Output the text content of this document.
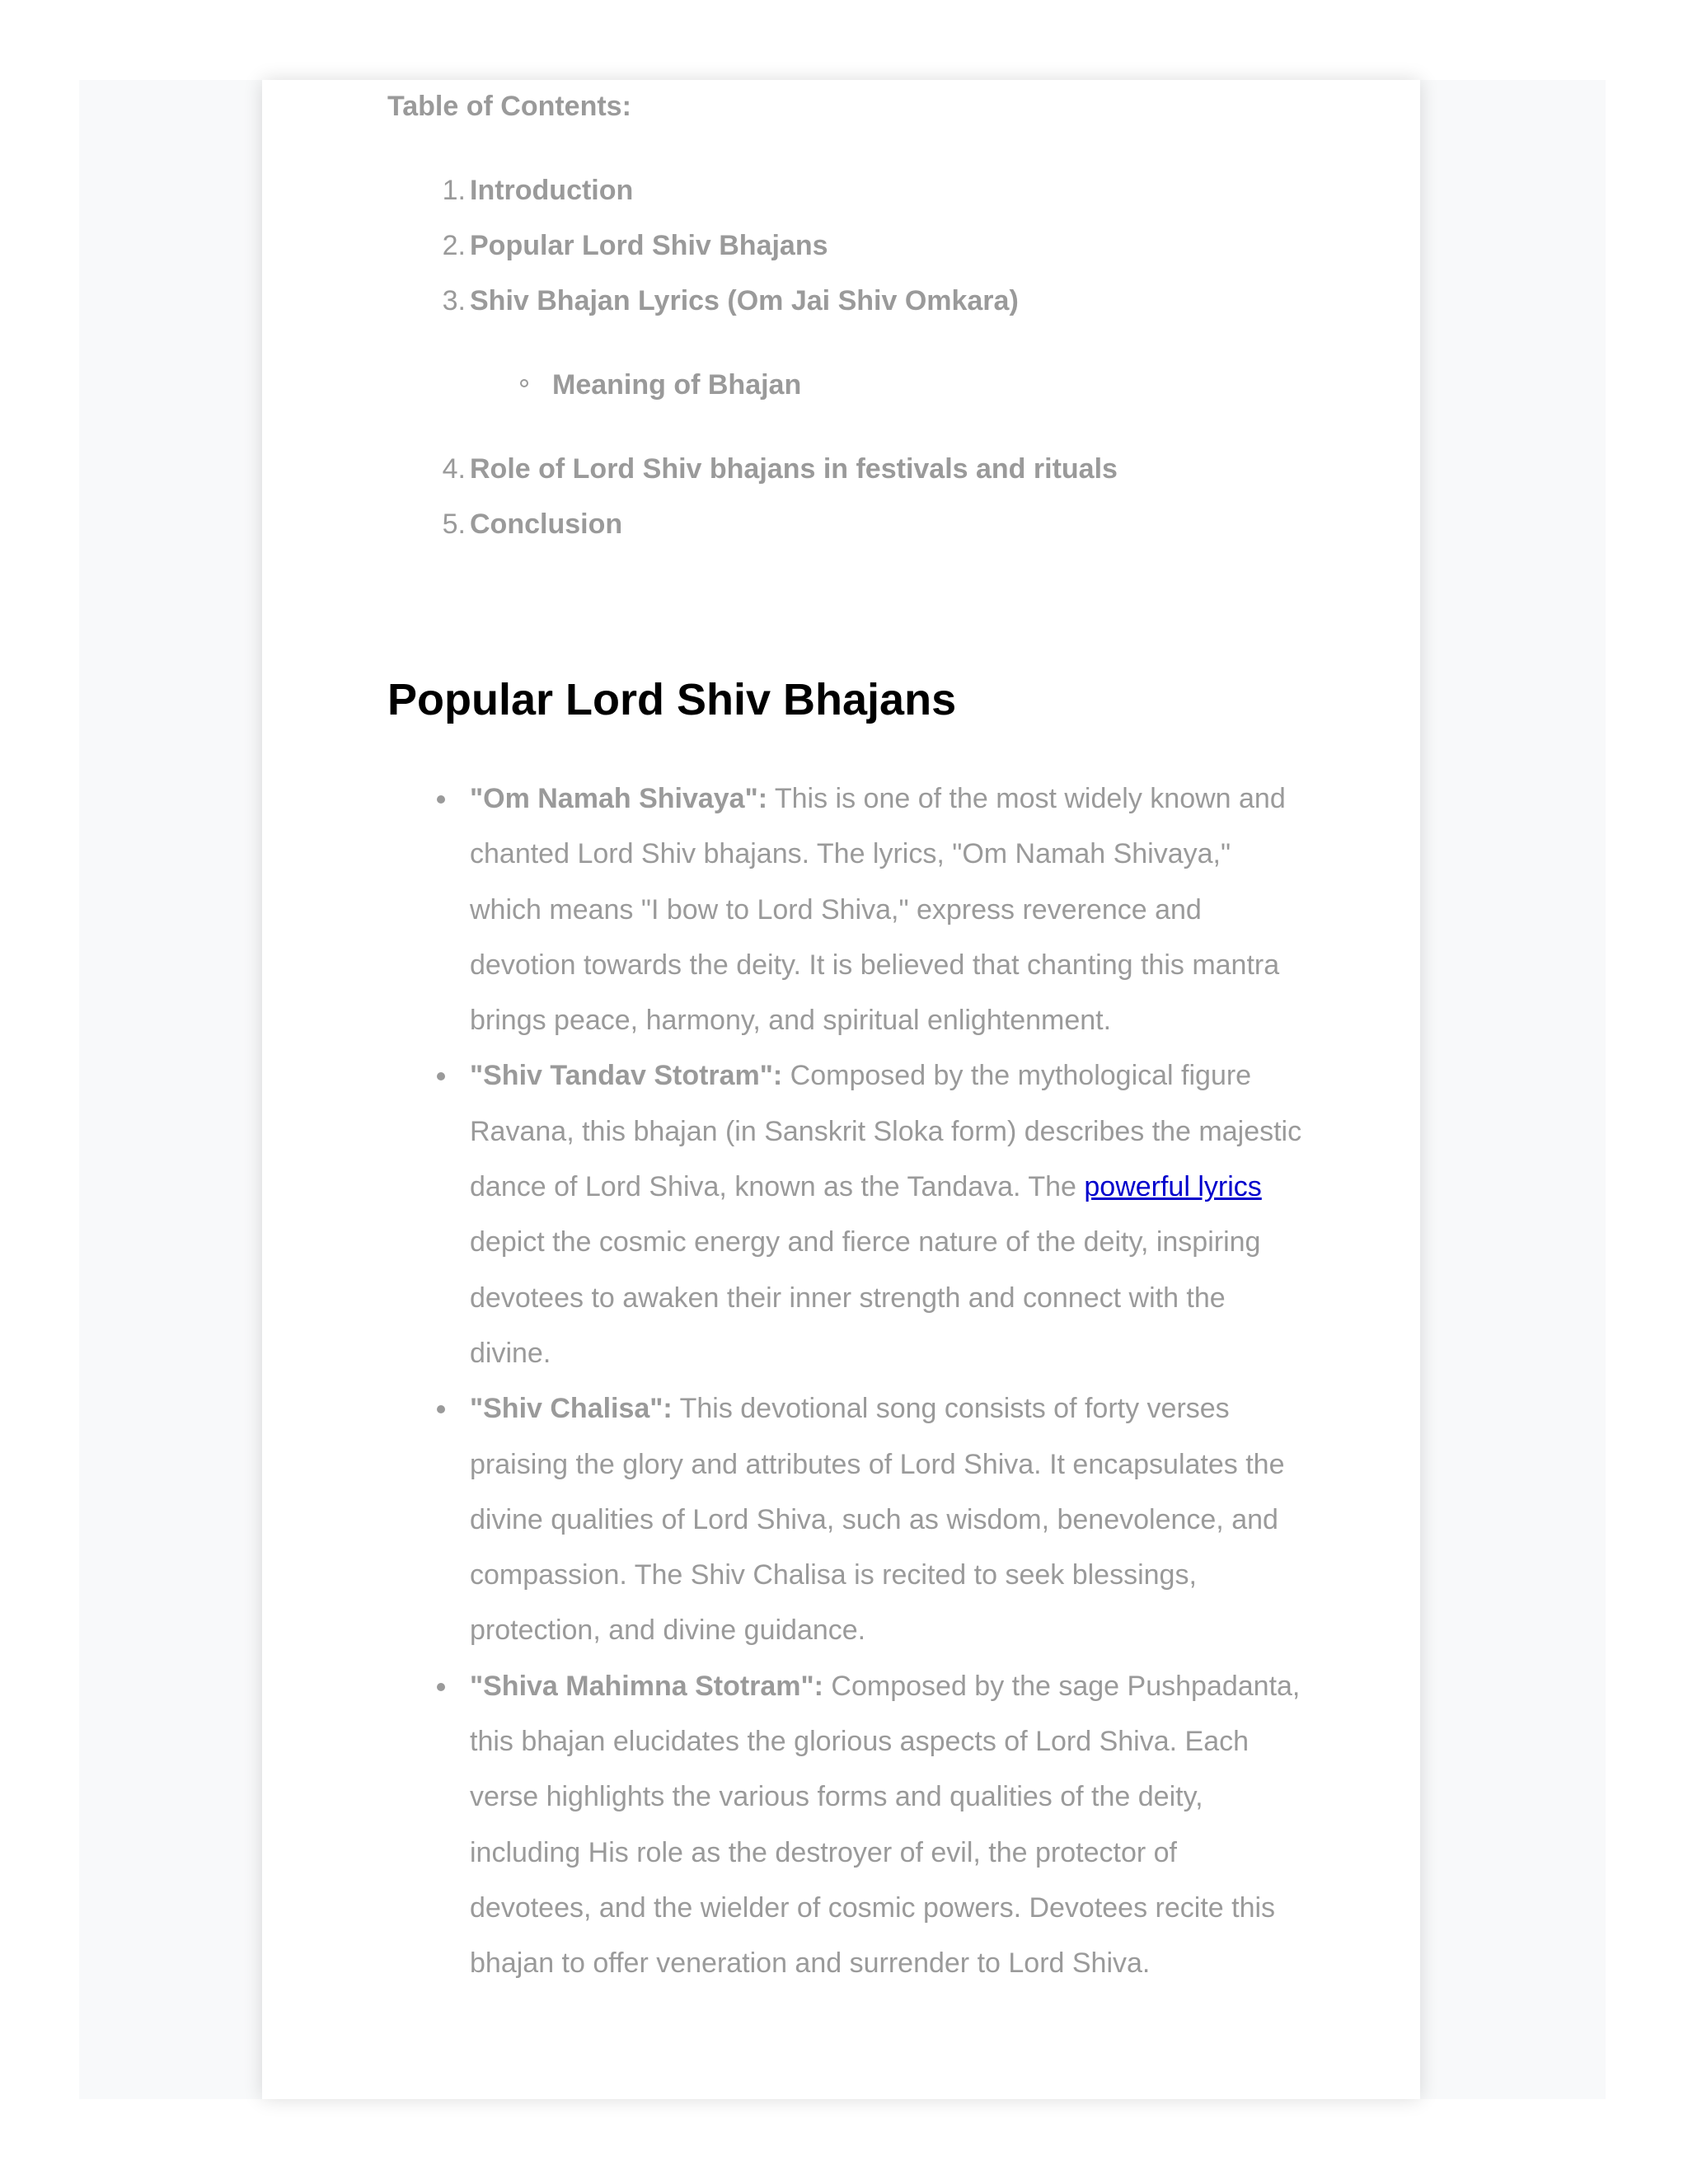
Table of Contents:

1 . Introduction
2 . Popular Lord Shiv Bhajans
3 . Shiv Bhajan Lyrics (Om Jai Shiv Omkara)
Meaning of Bhajan
4 . Role of Lord Shiv bhajans in festivals and rituals
5 . Conclusion
Popular Lord Shiv Bhajans
"Om Namah Shivaya": This is one of the most widely known and chanted Lord Shiv bhajans. The lyrics, "Om Namah Shivaya," which means "I bow to Lord Shiva," express reverence and devotion towards the deity. It is believed that chanting this mantra brings peace, harmony, and spiritual enlightenment.
"Shiv Tandav Stotram": Composed by the mythological figure Ravana, this bhajan (in Sanskrit Sloka form) describes the majestic dance of Lord Shiva, known as the Tandava. The powerful lyrics depict the cosmic energy and fierce nature of the deity, inspiring devotees to awaken their inner strength and connect with the divine.
"Shiv Chalisa": This devotional song consists of forty verses praising the glory and attributes of Lord Shiva. It encapsulates the divine qualities of Lord Shiva, such as wisdom, benevolence, and compassion. The Shiv Chalisa is recited to seek blessings, protection, and divine guidance.
"Shiva Mahimna Stotram": Composed by the sage Pushpadanta, this bhajan elucidates the glorious aspects of Lord Shiva. Each verse highlights the various forms and qualities of the deity, including His role as the destroyer of evil, the protector of devotees, and the wielder of cosmic powers. Devotees recite this bhajan to offer veneration and surrender to Lord Shiva.
